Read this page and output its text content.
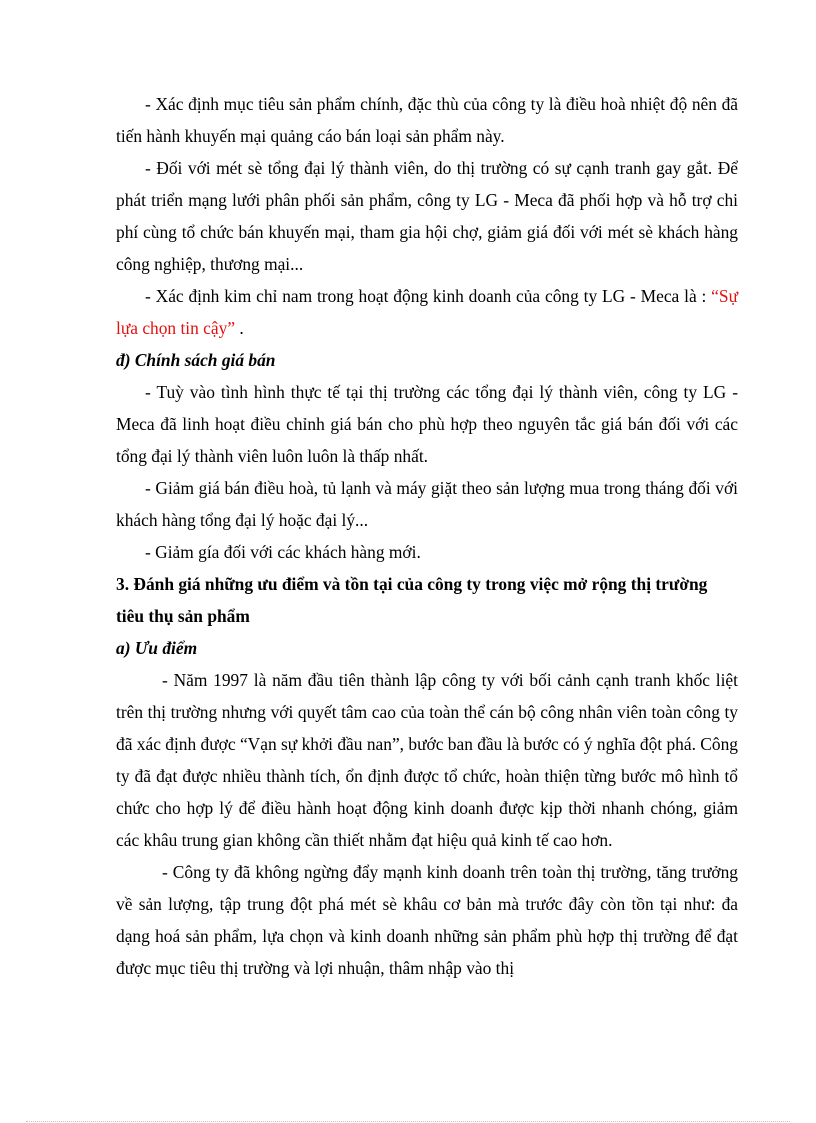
- Xác định mục tiêu sản phẩm chính, đặc thù của công ty là điều hoà nhiệt độ nên đã tiến hành khuyến mại quảng cáo bán loại sản phẩm này.

- Đối với mét sè tổng đại lý thành viên, do thị trường có sự cạnh tranh gay gắt. Để phát triển mạng lưới phân phối sản phẩm, công ty LG - Meca đã phối hợp và hỗ trợ chi phí cùng tổ chức bán khuyến mại, tham gia hội chợ, giảm giá đối với mét sè khách hàng công nghiệp, thương mại...

- Xác định kim chỉ nam trong hoạt động kinh doanh của công ty LG - Meca là : “Sự lựa chọn tin cậy” .

đ) Chính sách giá bán

- Tuỳ vào tình hình thực tế tại thị trường các tổng đại lý thành viên, công ty LG - Meca đã linh hoạt điều chỉnh giá bán cho phù hợp theo nguyên tắc giá bán đối với các tổng đại lý thành viên luôn luôn là thấp nhất.

- Giảm giá bán điều hoà, tủ lạnh và máy giặt theo sản lượng mua trong tháng đối với khách hàng tổng đại lý hoặc đại lý...

- Giảm gía đối với các khách hàng mới.

3. Đánh giá những ưu điểm và tồn tại của công ty trong việc mở rộng thị trường tiêu thụ sản phẩm

a) Ưu điểm

- Năm 1997 là năm đầu tiên thành lập công ty với bối cảnh cạnh tranh khốc liệt trên thị trường nhưng với quyết tâm cao của toàn thể cán bộ công nhân viên toàn công ty đã xác định được “Vạn sự khởi đầu nan”, bước ban đầu là bước có ý nghĩa đột phá. Công ty đã đạt được nhiều thành tích, ổn định được tổ chức, hoàn thiện từng bước mô hình tổ chức cho hợp lý để điều hành hoạt động kinh doanh được kịp thời nhanh chóng, giảm các khâu trung gian không cần thiết nhằm đạt hiệu quả kinh tế cao hơn.

- Công ty đã không ngừng đẩy mạnh kinh doanh trên toàn thị trường, tăng trưởng về sản lượng, tập trung đột phá mét sè khâu cơ bản mà trước đây còn tồn tại như: đa dạng hoá sản phẩm, lựa chọn và kinh doanh những sản phẩm phù hợp thị trường để đạt được mục tiêu thị trường và lợi nhuận, thâm nhập vào thị
